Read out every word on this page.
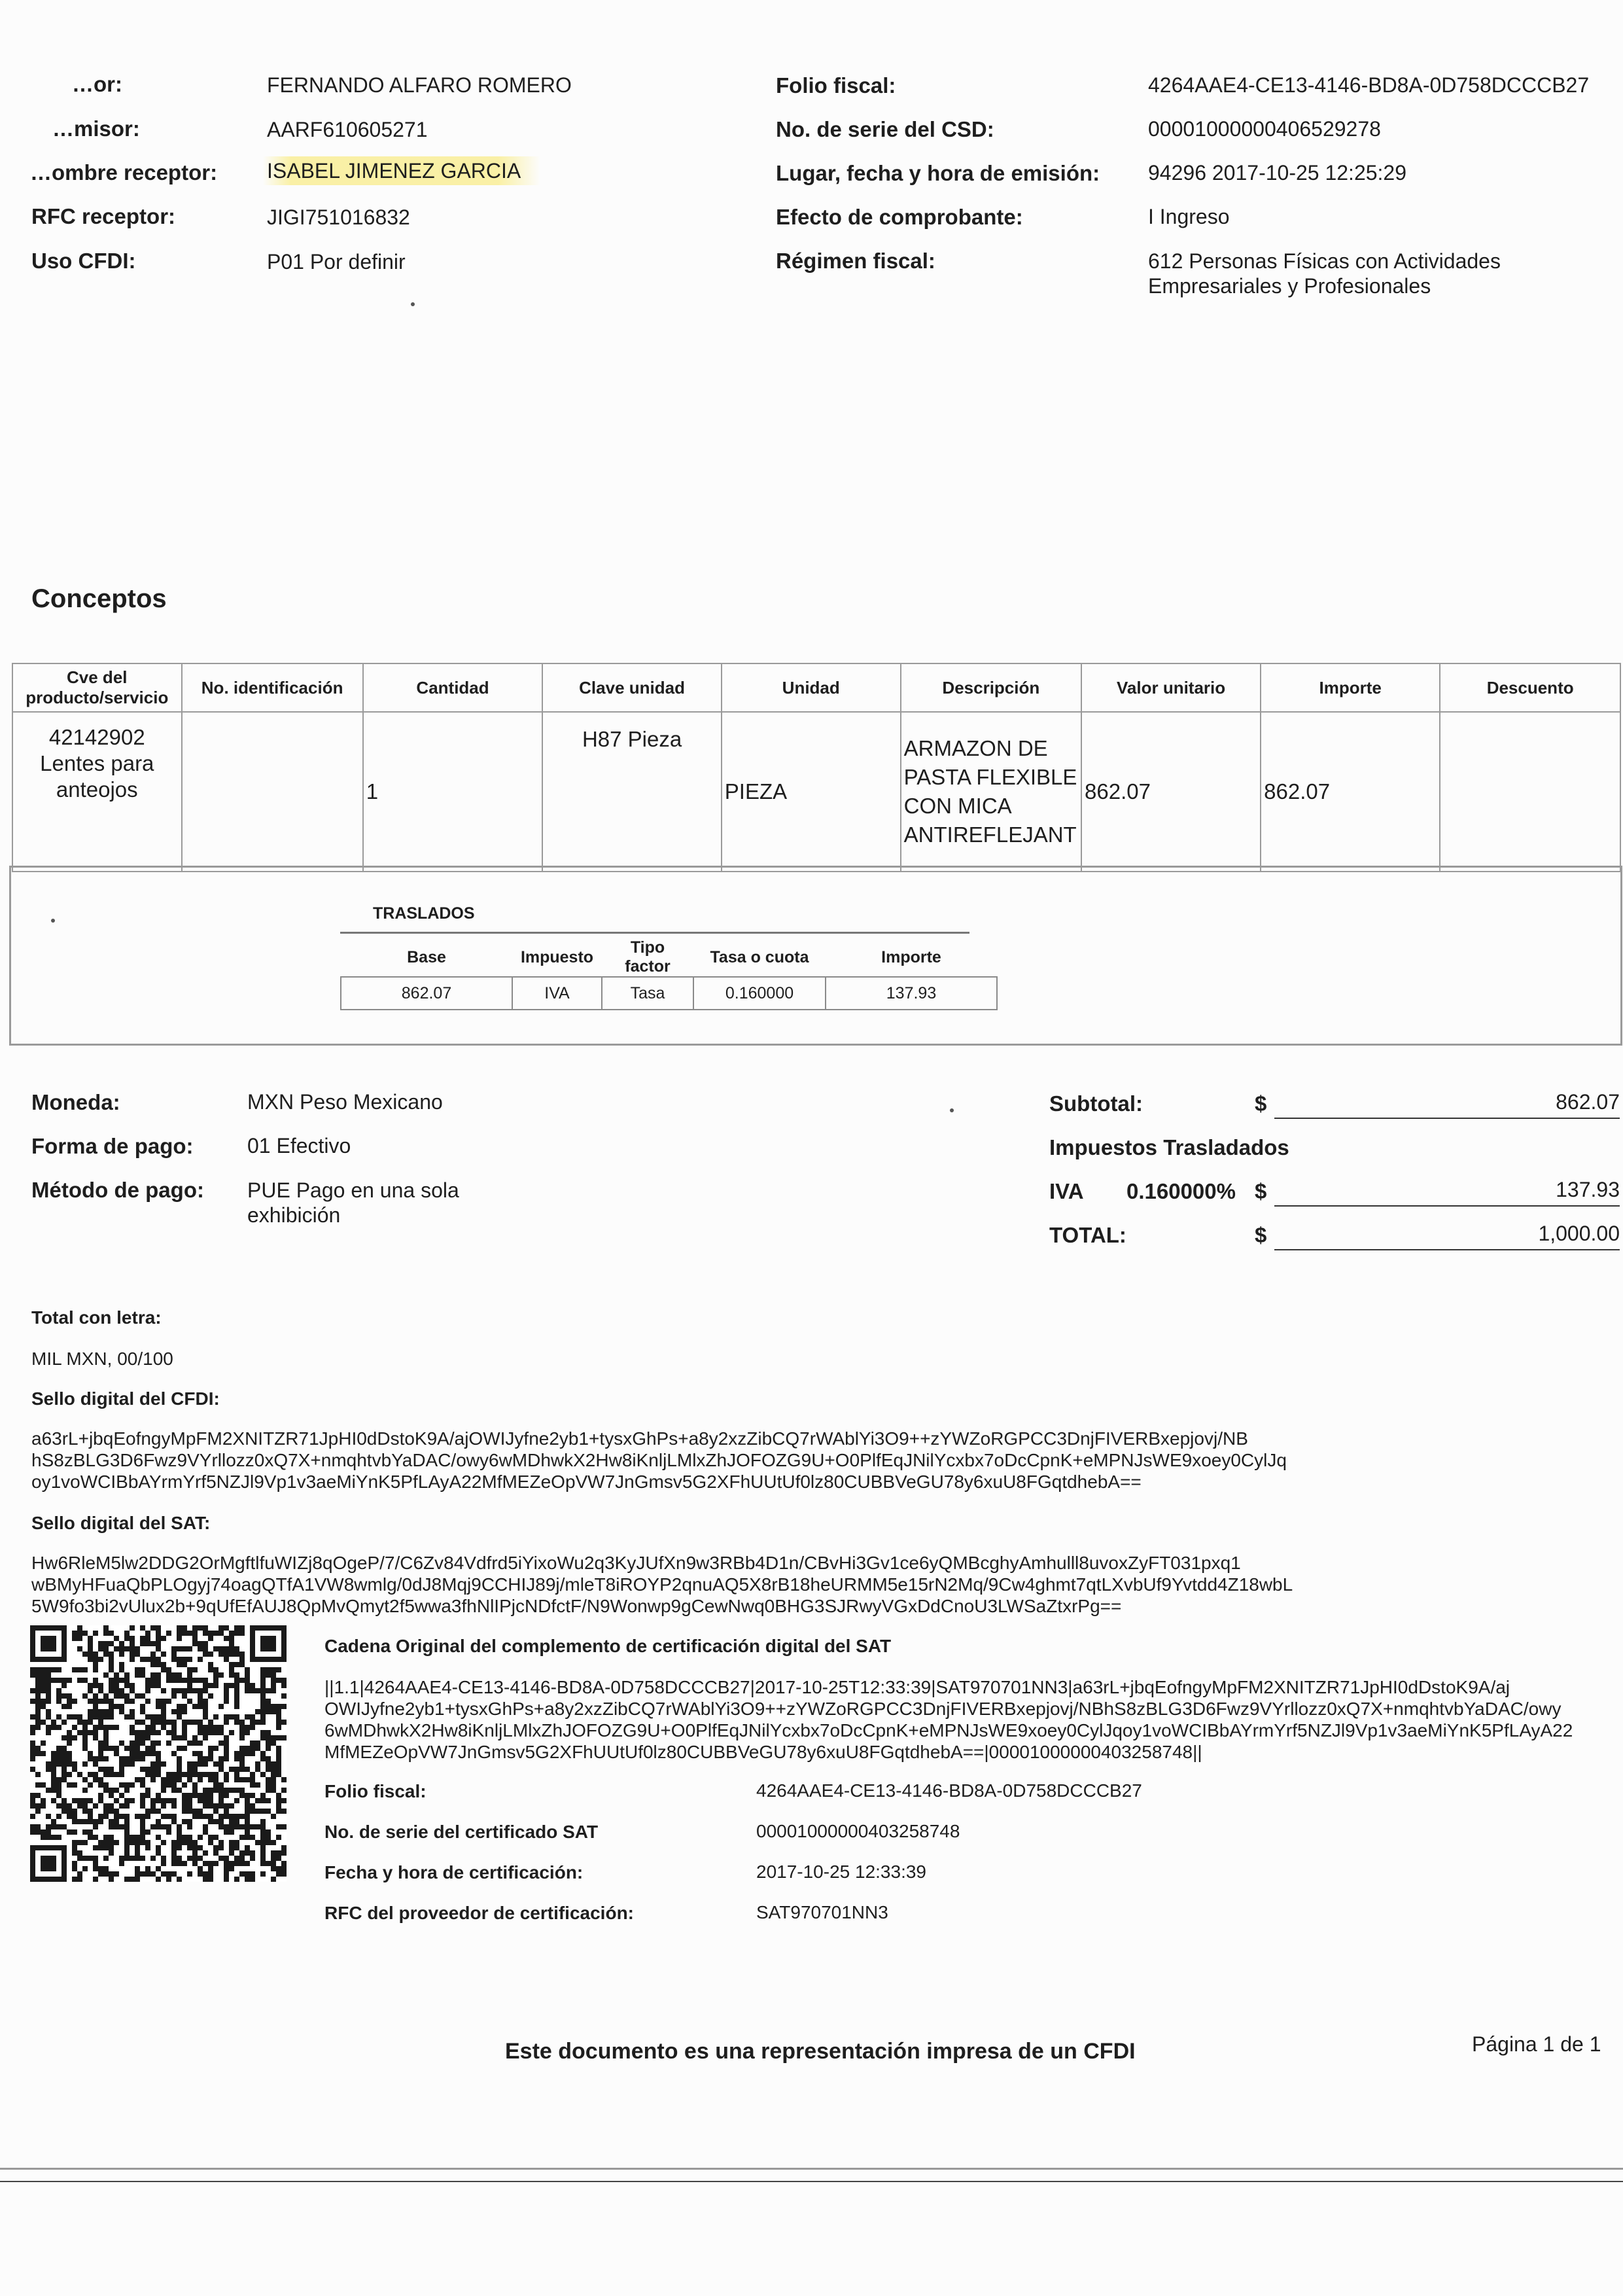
…or:	FERNANDO ALFARO ROMERO
…misor:	AARF610605271
…ombre receptor: ISABEL JIMENEZ GARCIA
RFC receptor:	JIGI751016832
Uso CFDI:	P01 Por definir
Folio fiscal:	4264AAE4-CE13-4146-BD8A-0D758DCCCB27
No. de serie del CSD:	00001000000406529278
Lugar, fecha y hora de emisión: 94296 2017-10-25 12:25:29
Efecto de comprobante:	I Ingreso
Régimen fiscal:	612 Personas Físicas con Actividades
Empresariales y Profesionales
Conceptos
Cve del producto/servicio	No. identificación	Cantidad	Clave unidad	Unidad	Descripción	Valor unitario	Importe	Descuento
42142902 Lentes para anteojos		1	H87 Pieza	PIEZA	ARMAZON DE PASTA FLEXIBLE CON MICA ANTIREFLEJANT	862.07	862.07	
TRASLADOS
Base	Impuesto	Tipo factor	Tasa o cuota	Importe
862.07	IVA	Tasa	0.160000	137.93
Moneda:	MXN Peso Mexicano
Forma de pago:	01 Efectivo
Método de pago: PUE Pago en una sola
exhibición
Subtotal:	$	862.07
Impuestos Trasladados
IVA 0.160000% $	137.93
TOTAL:	$	1,000.00
Total con letra:
MIL MXN, 00/100
Sello digital del CFDI:
a63rL+jbqEofngyMpFM2XNITZR71JpHI0dDstoK9A/ajOWIJyfne2yb1+tysxGhPs+a8y2xzZibCQ7rWAblYi3O9++zYWZoRGPCC3DnjFIVERBxepjovj/NB
hS8zBLG3D6Fwz9VYrllozz0xQ7X+nmqhtvbYaDAC/owy6wMDhwkX2Hw8iKnljLMlxZhJOFOZG9U+O0PlfEqJNilYcxbx7oDcCpnK+eMPNJsWE9xoey0CylJq
oy1voWCIBbAYrmYrf5NZJl9Vp1v3aeMiYnK5PfLAyA22MfMEZeOpVW7JnGmsv5G2XFhUUtUf0lz80CUBBVeGU78y6xuU8FGqtdhebA==
Sello digital del SAT:
Hw6RleM5lw2DDG2OrMgftlfuWIZj8qOgeP/7/C6Zv84Vdfrd5iYixoWu2q3KyJUfXn9w3RBb4D1n/CBvHi3Gv1ce6yQMBcghyAmhulll8uvoxZyFT031pxq1
wBMyHFuaQbPLOgyj74oagQTfA1VW8wmlg/0dJ8Mqj9CCHIJ89j/mleT8iROYP2qnuAQ5X8rB18heURMM5e15rN2Mq/9Cw4ghmt7qtLXvbUf9Yvtdd4Z18wbL
5W9fo3bi2vUlux2b+9qUfEfAUJ8QpMvQmyt2f5wwa3fhNlIPjcNDfctF/N9Wonwp9gCewNwq0BHG3SJRwyVGxDdCnoU3LWSaZtxrPg==
Cadena Original del complemento de certificación digital del SAT
||1.1|4264AAE4-CE13-4146-BD8A-0D758DCCCB27|2017-10-25T12:33:39|SAT970701NN3|a63rL+jbqEofngyMpFM2XNITZR71JpHI0dDstoK9A/aj
OWIJyfne2yb1+tysxGhPs+a8y2xzZibCQ7rWAblYi3O9++zYWZoRGPCC3DnjFIVERBxepjovj/NBhS8zBLG3D6Fwz9VYrllozz0xQ7X+nmqhtvbYaDAC/owy
6wMDhwkX2Hw8iKnljLMlxZhJOFOZG9U+O0PlfEqJNilYcxbx7oDcCpnK+eMPNJsWE9xoey0CylJqoy1voWCIBbAYrmYrf5NZJl9Vp1v3aeMiYnK5PfLAyA22
MfMEZeOpVW7JnGmsv5G2XFhUUtUf0lz80CUBBVeGU78y6xuU8FGqtdhebA==|00001000000403258748||
Folio fiscal:	4264AAE4-CE13-4146-BD8A-0D758DCCCB27
No. de serie del certificado SAT	00001000000403258748
Fecha y hora de certificación:	2017-10-25 12:33:39
RFC del proveedor de certificación:	SAT970701NN3
Este documento es una representación impresa de un CFDI	Página 1 de 1
